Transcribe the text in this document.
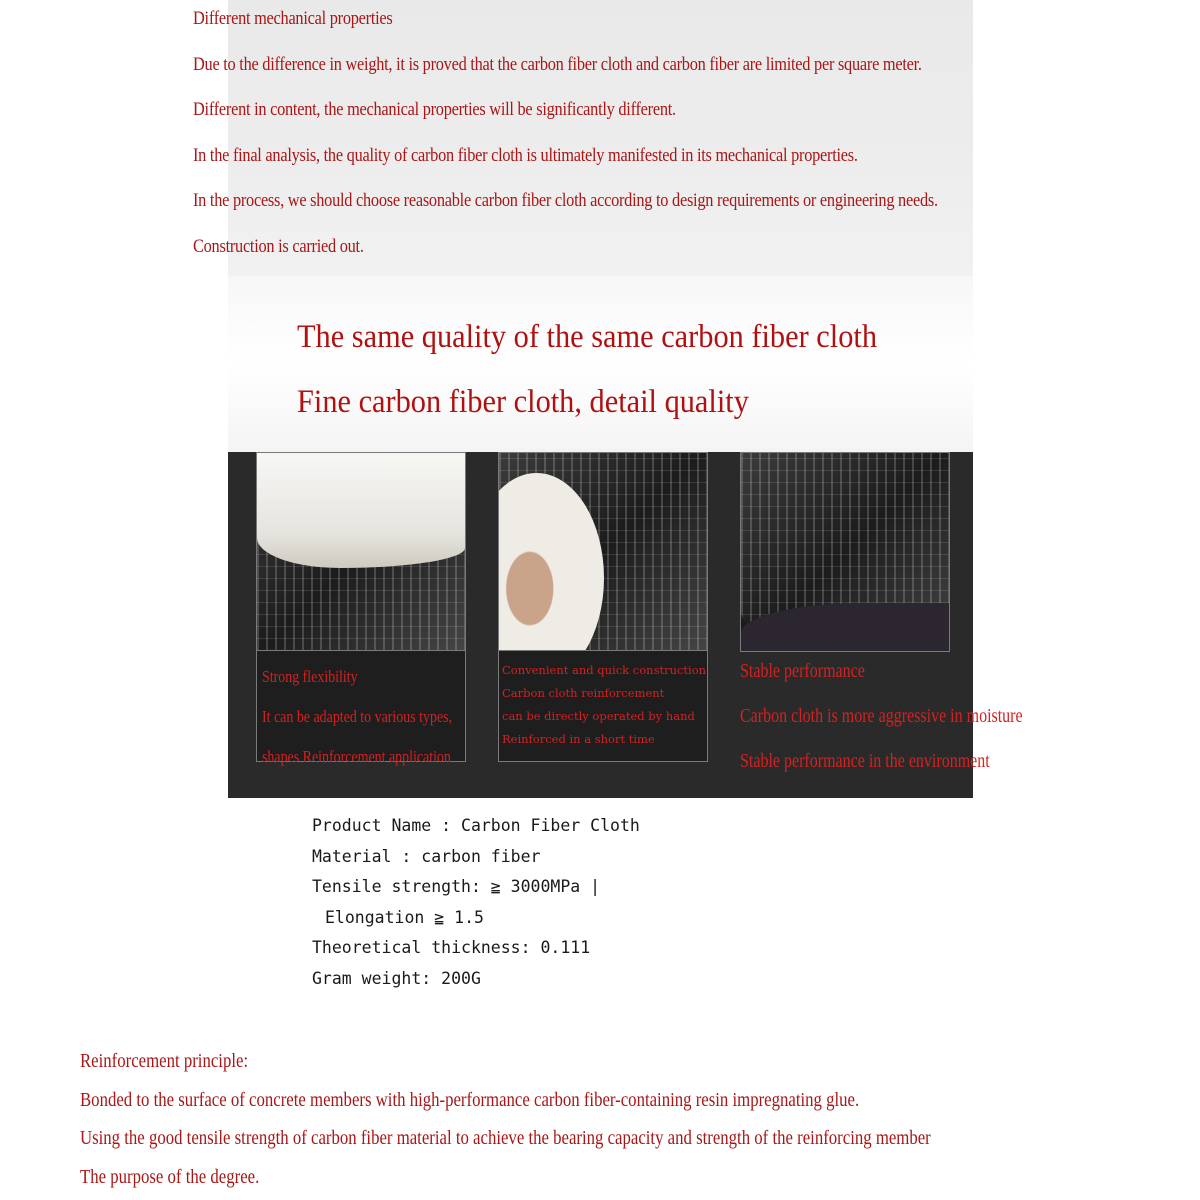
Different mechanical properties

Due to the difference in weight, it is proved that the carbon fiber cloth and carbon fiber are limited per square meter.

Different in content, the mechanical properties will be significantly different.

In the final analysis, the quality of carbon fiber cloth is ultimately manifested in its mechanical properties.

In the process, we should choose reasonable carbon fiber cloth according to design requirements or engineering needs.

Construction is carried out.

The same quality of the same carbon fiber cloth

Fine carbon fiber cloth, detail quality

Strong flexibility

It can be adapted to various types,

shapes Reinforcement application

Convenient and quick construction

Carbon cloth reinforcement

can be directly operated by hand

Reinforced in a short time

Stable performance

Carbon cloth is more aggressive in moisture

Stable performance in the environment

Product Name : Carbon Fiber Cloth

Material : carbon fiber

Tensile strength: ≧ 3000MPa |

Elongation ≧ 1.5

Theoretical thickness: 0.111

Gram weight: 200G

Reinforcement principle:

Bonded to the surface of concrete members with high-performance carbon fiber-containing resin impregnating glue.

Using the good tensile strength of carbon fiber material to achieve the bearing capacity and strength of the reinforcing member

The purpose of the degree.
